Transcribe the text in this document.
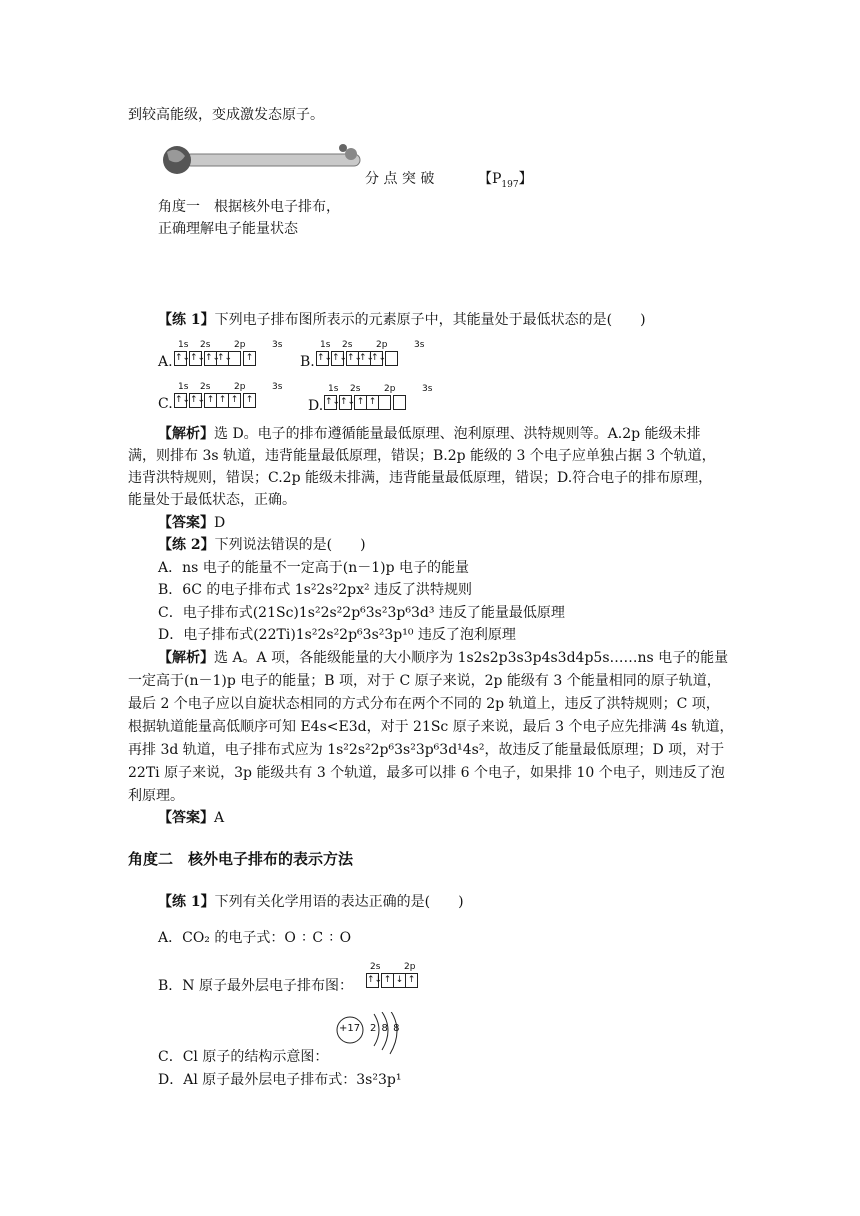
到较高能级，变成激发态原子。
分 点 突 破	【$P_{197}$】
角度一　根据核外电子排布，
正确理解电子能量状态
【练 1】下列电子排布图所表示的元素原子中，其能量处于最低状态的是(　　)
A.
1s 2s	2p	3s
↑↓ ↑↓ ↑↓
↑↓	↑	B.
1s 2s	2p	3s
↑↓ ↑↓ ↑↓
↑↓
↑↓
C.
1s 2s	2p	3s
↑↓ ↑↓ ↑ ↑ ↑ ↑	D.
1s 2s	2p	3s
↑↓ ↑↓ ↑ ↑
【解析】选 D。电子的排布遵循能量最低原理、泡利原理、洪特规则等。A.2p 能级未排
满，则排布 3s 轨道，违背能量最低原理，错误；B.2p 能级的 3 个电子应单独占据 3 个轨道，
违背洪特规则，错误；C.2p 能级未排满，违背能量最低原理，错误；D.符合电子的排布原理，
能量处于最低状态，正确。
【答案】D
【练 2】下列说法错误的是(　　)
A．ns 电子的能量不一定高于(n－1)p 电子的能量
B．6C 的电子排布式 1s²2s²2px² 违反了洪特规则
C．电子排布式(21Sc)1s²2s²2p⁶3s²3p⁶3d³ 违反了能量最低原理
D．电子排布式(22Ti)1s²2s²2p⁶3s²3p¹⁰ 违反了泡利原理
【解析】选 A。A 项，各能级能量的大小顺序为 1s2s2p3s3p4s3d4p5s……ns 电子的能量
一定高于(n－1)p 电子的能量；B 项，对于 C 原子来说，2p 能级有 3 个能量相同的原子轨道，
最后 2 个电子应以自旋状态相同的方式分布在两个不同的 2p 轨道上，违反了洪特规则；C 项，
根据轨道能量高低顺序可知 E4s<E3d，对于 21Sc 原子来说，最后 3 个电子应先排满 4s 轨道，
再排 3d 轨道，电子排布式应为 1s²2s²2p⁶3s²3p⁶3d¹4s²，故违反了能量最低原理；D 项，对于
22Ti 原子来说，3p 能级共有 3 个轨道，最多可以排 6 个电子，如果排 10 个电子，则违反了泡
利原理。
【答案】A
角度二　核外电子排布的表示方法
【练 1】下列有关化学用语的表达正确的是(　　)
A．CO₂ 的电子式：O ∶ C ∶ O
B．N 原子最外层电子排布图：
2s	2p
↑↓ ↑ ↓ ↑
+17 2 8 8
C．Cl 原子的结构示意图：
D．Al 原子最外层电子排布式：3s²3p¹
